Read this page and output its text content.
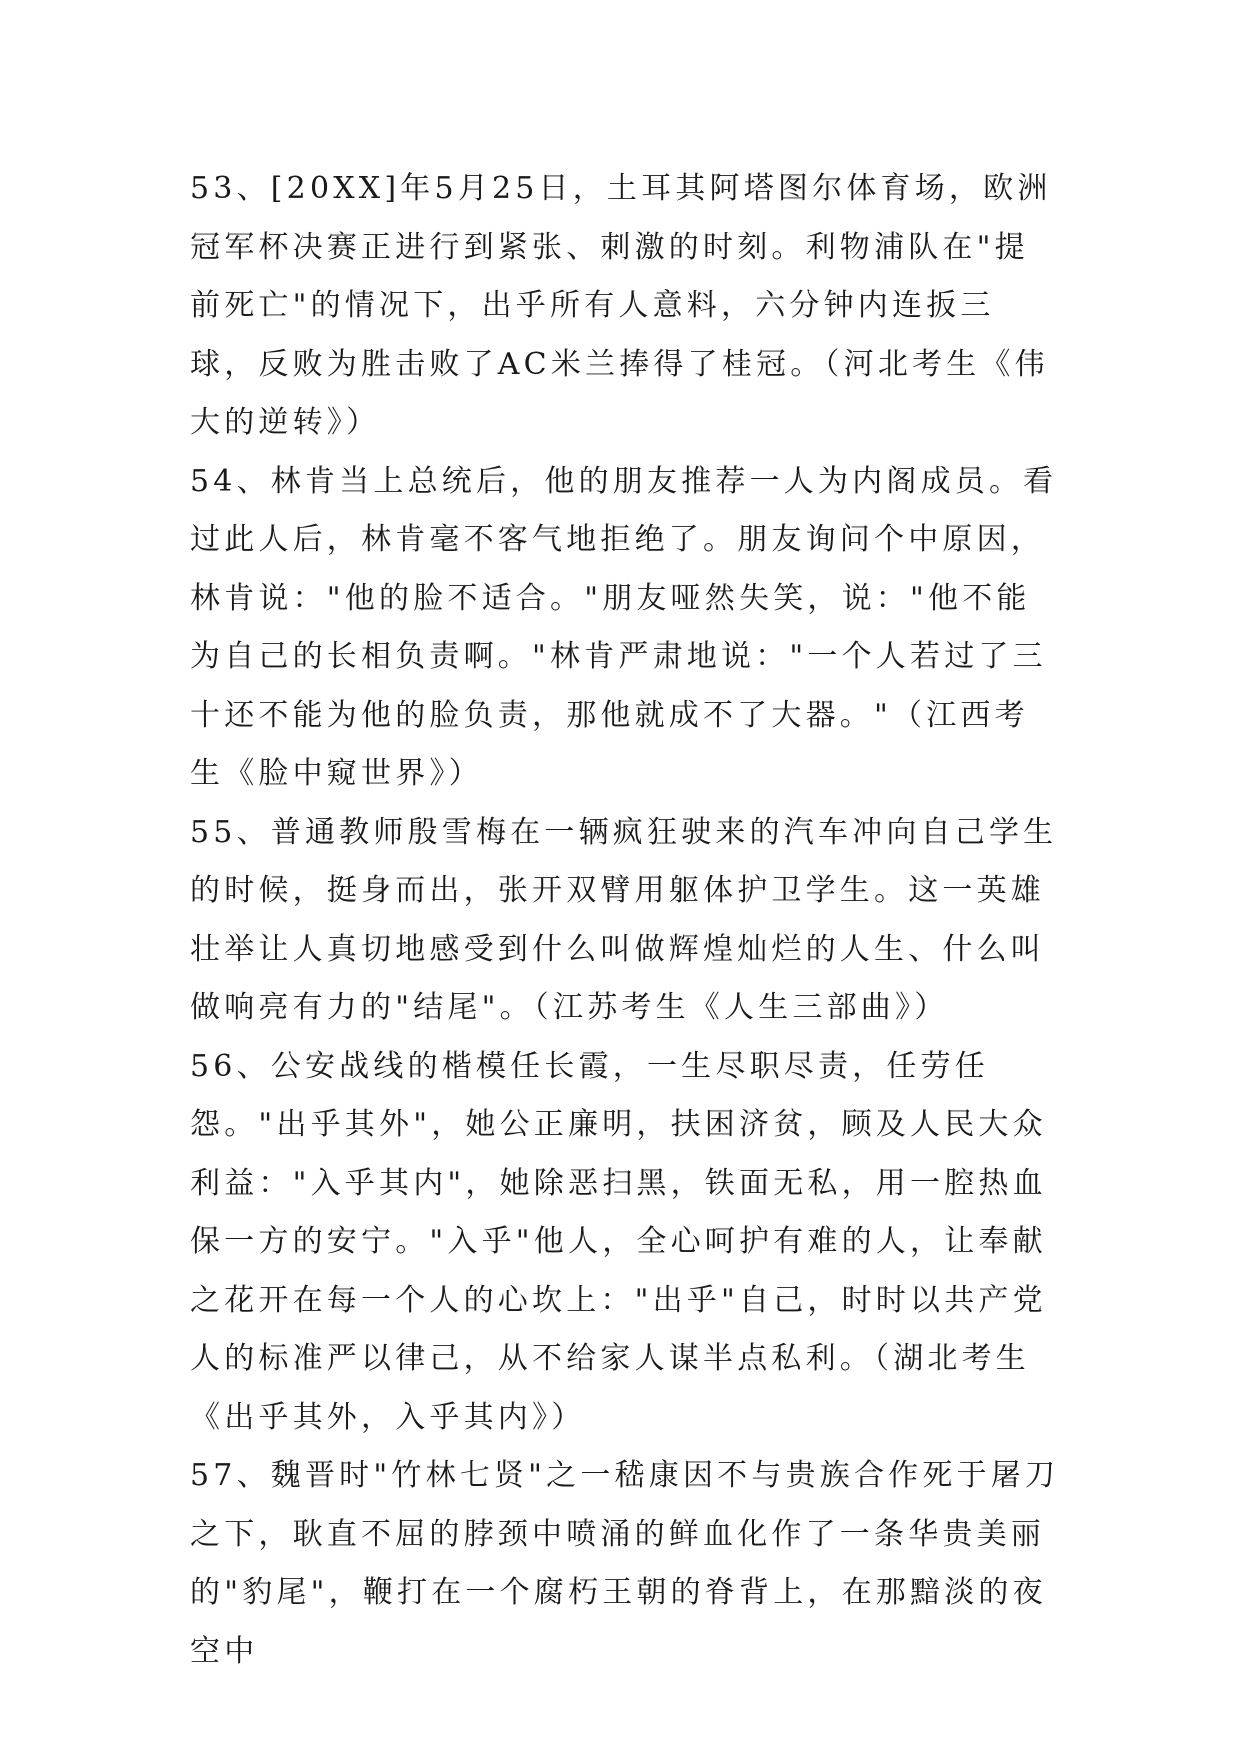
53、[20XX]年5月25日，土耳其阿塔图尔体育场，欧洲冠军杯决赛正进行到紧张、刺激的时刻。利物浦队在"提前死亡"的情况下，出乎所有人意料，六分钟内连扳三球，反败为胜击败了AC米兰捧得了桂冠。（河北考生《伟大的逆转》）

54、林肯当上总统后，他的朋友推荐一人为内阁成员。看过此人后，林肯毫不客气地拒绝了。朋友询问个中原因，林肯说："他的脸不适合。"朋友哑然失笑，说："他不能为自己的长相负责啊。"林肯严肃地说："一个人若过了三十还不能为他的脸负责，那他就成不了大器。"（江西考生《脸中窥世界》）

55、普通教师殷雪梅在一辆疯狂驶来的汽车冲向自己学生的时候，挺身而出，张开双臂用躯体护卫学生。这一英雄壮举让人真切地感受到什么叫做辉煌灿烂的人生、什么叫做响亮有力的"结尾"。（江苏考生《人生三部曲》）

56、公安战线的楷模任长霞，一生尽职尽责，任劳任怨。"出乎其外"，她公正廉明，扶困济贫，顾及人民大众利益："入乎其内"，她除恶扫黑，铁面无私，用一腔热血保一方的安宁。"入乎"他人，全心呵护有难的人，让奉献之花开在每一个人的心坎上："出乎"自己，时时以共产党人的标准严以律己，从不给家人谋半点私利。（湖北考生《出乎其外，入乎其内》）

57、魏晋时"竹林七贤"之一嵇康因不与贵族合作死于屠刀之下，耿直不屈的脖颈中喷涌的鲜血化作了一条华贵美丽的"豹尾"，鞭打在一个腐朽王朝的脊背上，在那黯淡的夜空中
